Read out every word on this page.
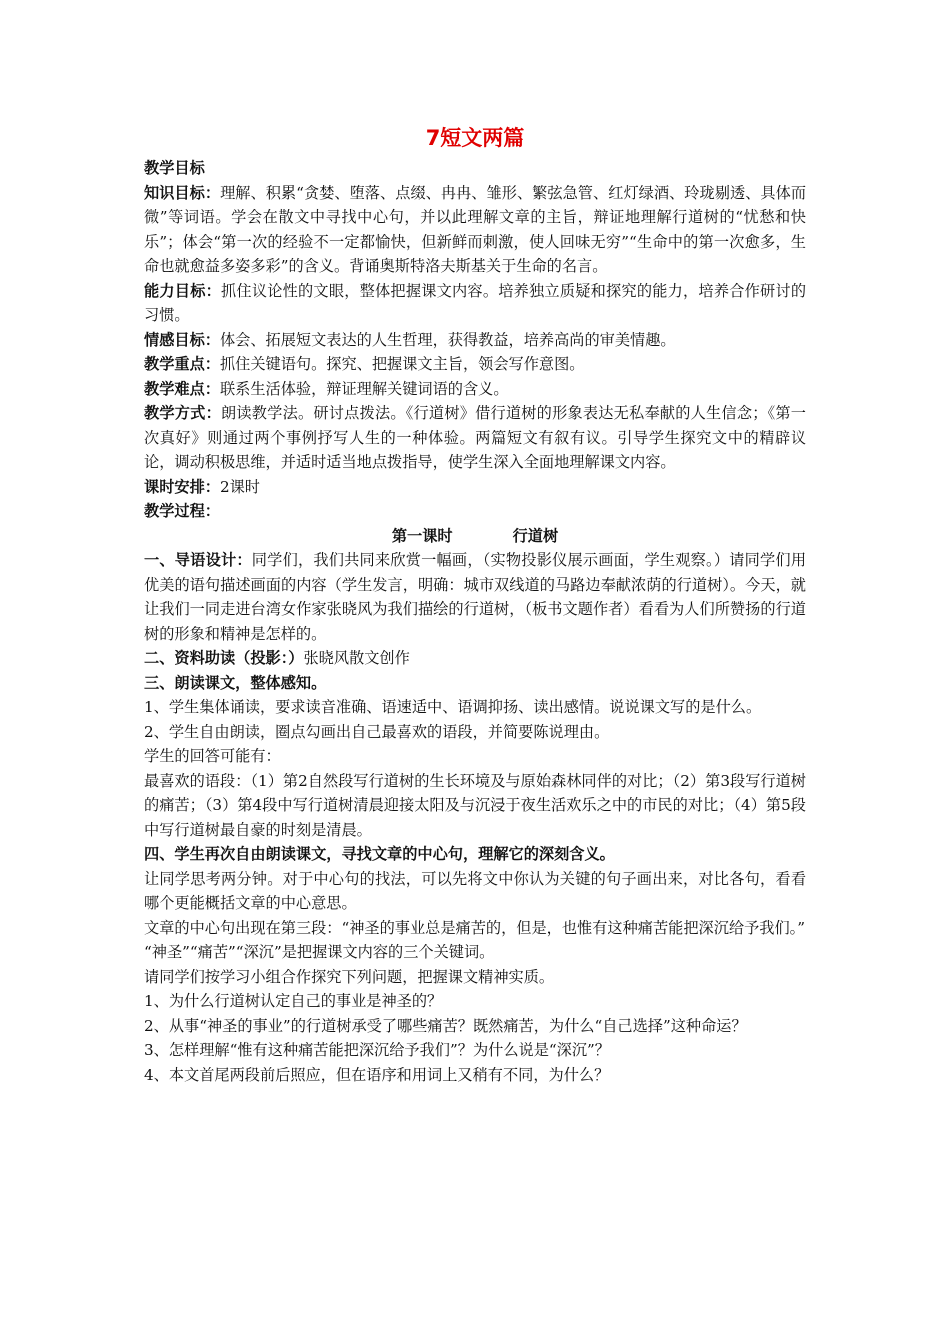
7短文两篇

教学目标

知识目标：理解、积累“贪婪、堕落、点缀、冉冉、雏形、繁弦急管、红灯绿酒、玲珑剔透、具体而微”等词语。学会在散文中寻找中心句，并以此理解文章的主旨，辩证地理解行道树的“忧愁和快乐”；体会“第一次的经验不一定都愉快，但新鲜而刺激，使人回味无穷”“生命中的第一次愈多，生命也就愈益多姿多彩”的含义。背诵奥斯特洛夫斯基关于生命的名言。

能力目标：抓住议论性的文眼，整体把握课文内容。培养独立质疑和探究的能力，培养合作研讨的习惯。

情感目标：体会、拓展短文表达的人生哲理，获得教益，培养高尚的审美情趣。

教学重点：抓住关键语句。探究、把握课文主旨，领会写作意图。

教学难点：联系生活体验，辩证理解关键词语的含义。

教学方式：朗读教学法。研讨点拨法。《行道树》借行道树的形象表达无私奉献的人生信念；《第一次真好》则通过两个事例抒写人生的一种体验。两篇短文有叙有议。引导学生探究文中的精辟议论，调动积极思维，并适时适当地点拨指导，使学生深入全面地理解课文内容。

课时安排：2课时

教学过程：

第一课时	行道树

一、导语设计：同学们，我们共同来欣赏一幅画，（实物投影仪展示画面，学生观察。）请同学们用优美的语句描述画面的内容（学生发言，明确：城市双线道的马路边奉献浓荫的行道树）。今天，就让我们一同走进台湾女作家张晓风为我们描绘的行道树，（板书文题作者）看看为人们所赞扬的行道树的形象和精神是怎样的。

二、资料助读（投影：）张晓风散文创作

三、朗读课文，整体感知。

1、学生集体诵读，要求读音准确、语速适中、语调抑扬、读出感情。说说课文写的是什么。

2、学生自由朗读，圈点勾画出自己最喜欢的语段，并简要陈说理由。

学生的回答可能有：

最喜欢的语段：（1）第2自然段写行道树的生长环境及与原始森林同伴的对比；（2）第3段写行道树的痛苦；（3）第4段中写行道树清晨迎接太阳及与沉浸于夜生活欢乐之中的市民的对比；（4）第5段中写行道树最自豪的时刻是清晨。

四、学生再次自由朗读课文，寻找文章的中心句，理解它的深刻含义。

让同学思考两分钟。对于中心句的找法，可以先将文中你认为关键的句子画出来，对比各句，看看哪个更能概括文章的中心意思。

文章的中心句出现在第三段：“神圣的事业总是痛苦的，但是，也惟有这种痛苦能把深沉给予我们。”

“神圣”“痛苦”“深沉”是把握课文内容的三个关键词。

请同学们按学习小组合作探究下列问题，把握课文精神实质。

1、为什么行道树认定自己的事业是神圣的？

2、从事“神圣的事业”的行道树承受了哪些痛苦？既然痛苦，为什么“自己选择”这种命运？

3、怎样理解“惟有这种痛苦能把深沉给予我们”？为什么说是“深沉”？

4、本文首尾两段前后照应，但在语序和用词上又稍有不同，为什么？
